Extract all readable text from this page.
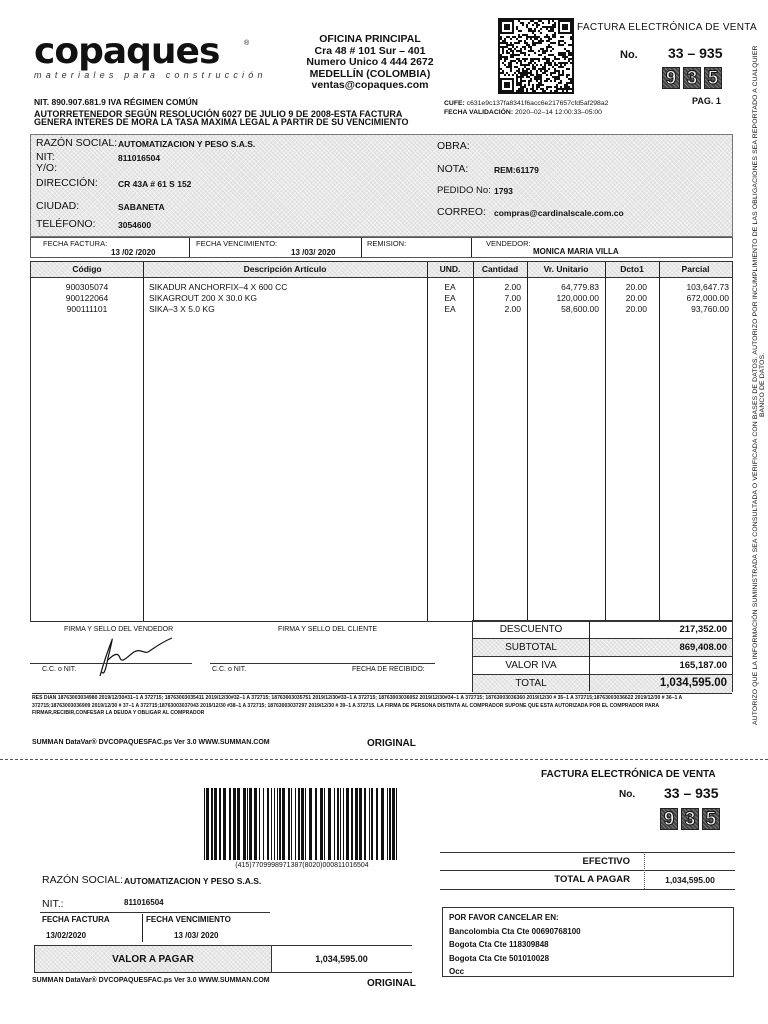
copaques	®
materiales para construcción
OFICINA PRINCIPAL
Cra 48 # 101 Sur – 401
Numero Unico 4 444 2672
MEDELLÍN (COLOMBIA)
ventas@copaques.com
FACTURA ELECTRÓNICA DE VENTA
No. 33 – 935
9 3 5
PAG. 1
NIT. 890.907.681.9 IVA RÉGIMEN COMÚN
AUTORRETENEDOR SEGÚN RESOLUCIÓN 6027 DE JULIO 9 DE 2008-ESTA FACTURA
GENERA INTERES DE MORA LA TASA MAXIMA LEGAL A PARTIR DE SU VENCIMIENTO
CUFE: c631e9c137fa8341f6acc6e217657cfd5af298a2
FECHA VALIDACIÓN: 2020–02–14 12:00:33–05:00
RAZÓN SOCIAL: AUTOMATIZACION Y PESO S.A.S.
NIT:	811016504
Y/O:
DIRECCIÓN: CR 43A # 61 S 152
CIUDAD:	SABANETA
TELÉFONO:	3054600
OBRA:
NOTA:	REM:61179
PEDIDO No: 1793
CORREO: compras@cardinalscale.com.co
FECHA FACTURA:
13 /02 /2020
FECHA VENCIMIENTO:
13 /03/ 2020
REMISION:	VENDEDOR:
MONICA MARIA VILLA
Código	Descripción Artículo	UND.	Cantidad	Vr. Unitario	Dcto1	Parcial
900305074	SIKADUR ANCHORFIX–4 X 600 CC	EA	2.00	64,779.83	20.00	103,647.73
900122064	SIKAGROUT 200 X 30.0 KG	EA	7.00	120,000.00	20.00	672,000.00
900111101	SIKA–3 X 5.0 KG	EA	2.00	58,600.00	20.00	93,760.00
FIRMA Y SELLO DEL VENDEDOR	FIRMA Y SELLO DEL CLIENTE
C.C. o NIT.	C.C. o NIT.	FECHA DE RECIBIDO:
DESCUENTO	217,352.00
SUBTOTAL	869,408.00
VALOR IVA	165,187.00
TOTAL	1,034,595.00
RES DIAN 18763003034980 2019/12/30#31–1 A 372715; 18763003035411 2019/12/30#32–1 A 372715; 18763003035751 2019/12/30#33–1 A 372715; 18763003036052 2019/12/30#34–1 A 372715; 18763003036360 2019/12/30 # 35–1 A 372715;18763003036622 2019/12/30 # 36–1 A 372715;18763003036909 2019/12/30 # 37–1 A 372715;18763003037043 2019/12/30 #38–1 A 372715; 18763003037297 2019/12/30 # 39–1 A 372715. LA FIRMA DE PERSONA DISTINTA AL COMPRADOR SUPONE QUE ESTA AUTORIZADA POR EL COMPRADOR PARA FIRMAR,RECIBIR,CONFESAR LA DEUDA Y OBLIGAR AL COMPRADOR
SUMMAN DataVar® DVCOPAQUESFAC.ps Ver 3.0 WWW.SUMMAN.COM	ORIGINAL
AUTORIZO QUE LA INFORMACIÓN SUMINISTRADA SEA CONSULTADA O VERIFICADA CON BASES DE DATOS. AUTORIZO POR INCUMPLIMIENTO DE LAS OBLIGACIONES SEA REPORTADO A CUALQUIER BANCO DE DATOS.
FACTURA ELECTRÓNICA DE VENTA
No. 33 – 935
9 3 5
(415)7709998971387(8020)000811016504
RAZÓN SOCIAL: AUTOMATIZACION Y PESO S.A.S.
NIT.:	811016504
FECHA FACTURA
13/02/2020
FECHA VENCIMIENTO
13 /03/ 2020
VALOR A PAGAR	1,034,595.00
EFECTIVO
TOTAL A PAGAR	1,034,595.00
POR FAVOR CANCELAR EN:
Bancolombia Cta Cte 00690768100
Bogota Cta Cte 118309848
Bogota Cta Cte 501010028
Occ
SUMMAN DataVar® DVCOPAQUESFAC.ps Ver 3.0 WWW.SUMMAN.COM	ORIGINAL
